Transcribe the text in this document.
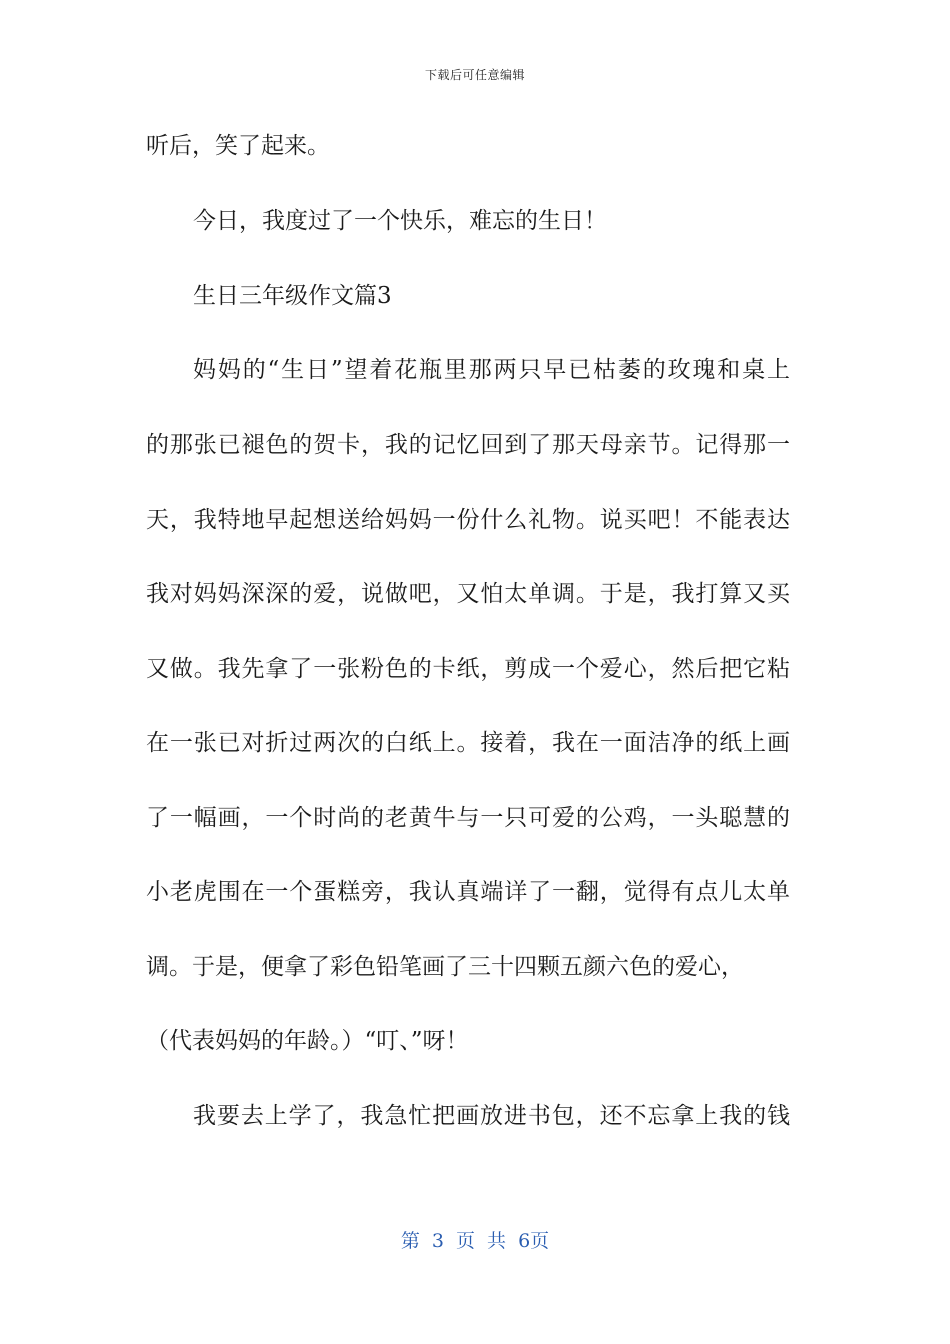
下载后可任意编辑
听后，笑了起来。
今日，我度过了一个快乐，难忘的生日！
生日三年级作文篇3
妈妈的“生日”望着花瓶里那两只早已枯萎的玫瑰和桌上
的那张已褪色的贺卡，我的记忆回到了那天母亲节。记得那一
天，我特地早起想送给妈妈一份什么礼物。说买吧！不能表达
我对妈妈深深的爱，说做吧，又怕太单调。于是，我打算又买
又做。我先拿了一张粉色的卡纸，剪成一个爱心，然后把它粘
在一张已对折过两次的白纸上。接着，我在一面洁净的纸上画
了一幅画，一个时尚的老黄牛与一只可爱的公鸡，一头聪慧的
小老虎围在一个蛋糕旁，我认真端详了一翻，觉得有点儿太单
调。于是，便拿了彩色铅笔画了三十四颗五颜六色的爱心，
（代表妈妈的年龄。）“叮、”呀！
我要去上学了，我急忙把画放进书包，还不忘拿上我的钱
第 3 页 共 6页
